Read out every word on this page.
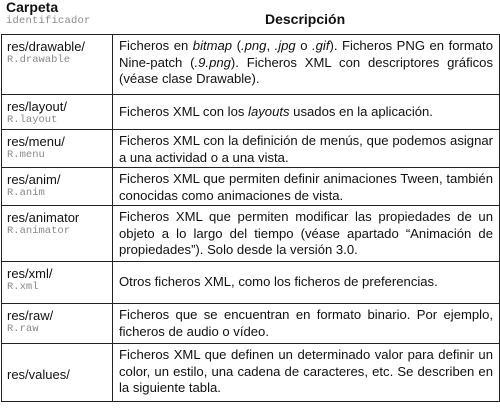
Carpeta
identificador	Descripción
res/drawable/
R.drawable	Ficheros en bitmap (.png, .jpg o .gif). Ficheros PNG en formato Nine-patch (.9.png). Ficheros XML con descriptores gráficos (véase clase Drawable).

res/layout/
R.layout	Ficheros XML con los layouts usados en la aplicación.

res/menu/
R.menu	Ficheros XML con la definición de menús, que podemos asignar a una actividad o a una vista.

res/anim/
R.anim	Ficheros XML que permiten definir animaciones Tween, también conocidas como animaciones de vista.

res/animator
R.animator	Ficheros XML que permiten modificar las propiedades de un objeto a lo largo del tiempo (véase apartado “Animación de propiedades”). Solo desde la versión 3.0.

res/xml/
R.xml	Otros ficheros XML, como los ficheros de preferencias.

res/raw/
R.raw	Ficheros que se encuentran en formato binario. Por ejemplo, ficheros de audio o vídeo.

res/values/	Ficheros XML que definen un determinado valor para definir un color, un estilo, una cadena de caracteres, etc. Se describen en la siguiente tabla.
